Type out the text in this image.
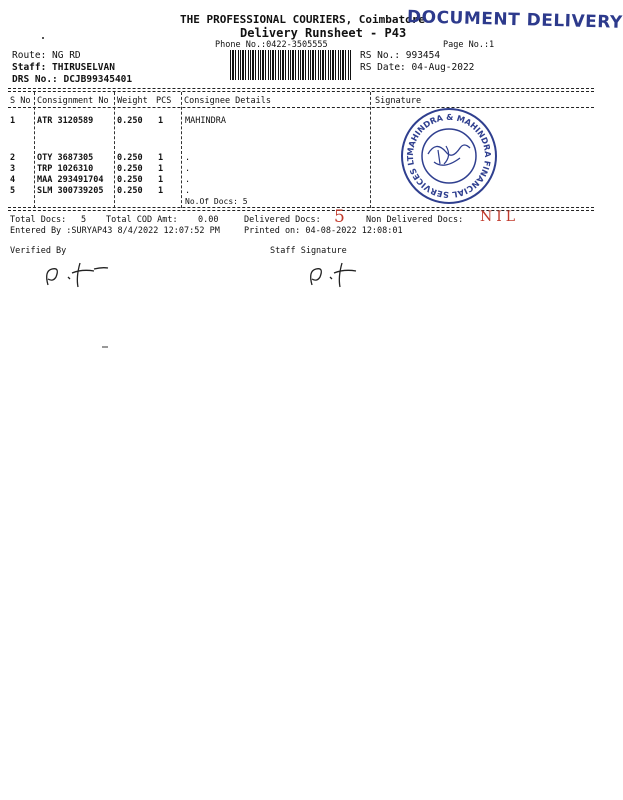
THE PROFESSIONAL COURIERS, Coimbatore
DOCUMENT DELIVERY
Delivery Runsheet - P43
Phone No.:0422-3505555	Page No.:1
Route: NG RD
Staff: THIRUSELVAN
DRS No.: DCJB99345401
RS No.: 993454
RS Date: 04-Aug-2022
S No Consignment No Weight PCS Consignee Details	Signature
1	ATR 3120589	0.250 1	MAHINDRA
2	OTY 3687305	0.250 1	.
3	TRP 1026310	0.250 1	.
4	MAA 293491704 0.250 1	.
5	SLM 300739205 0.250 1	.
No.Of Docs: 5
MAHINDRA & MAHINDRA FINANCIAL SERVICES LT
Total Docs: 5 Total COD Amt: 0.00	Delivered Docs: 5 Non Delivered Docs: NIL
Entered By :SURYAP43 8/4/2022 12:07:52 PM	Printed on: 04-08-2022 12:08:01
Verified By	Staff Signature
